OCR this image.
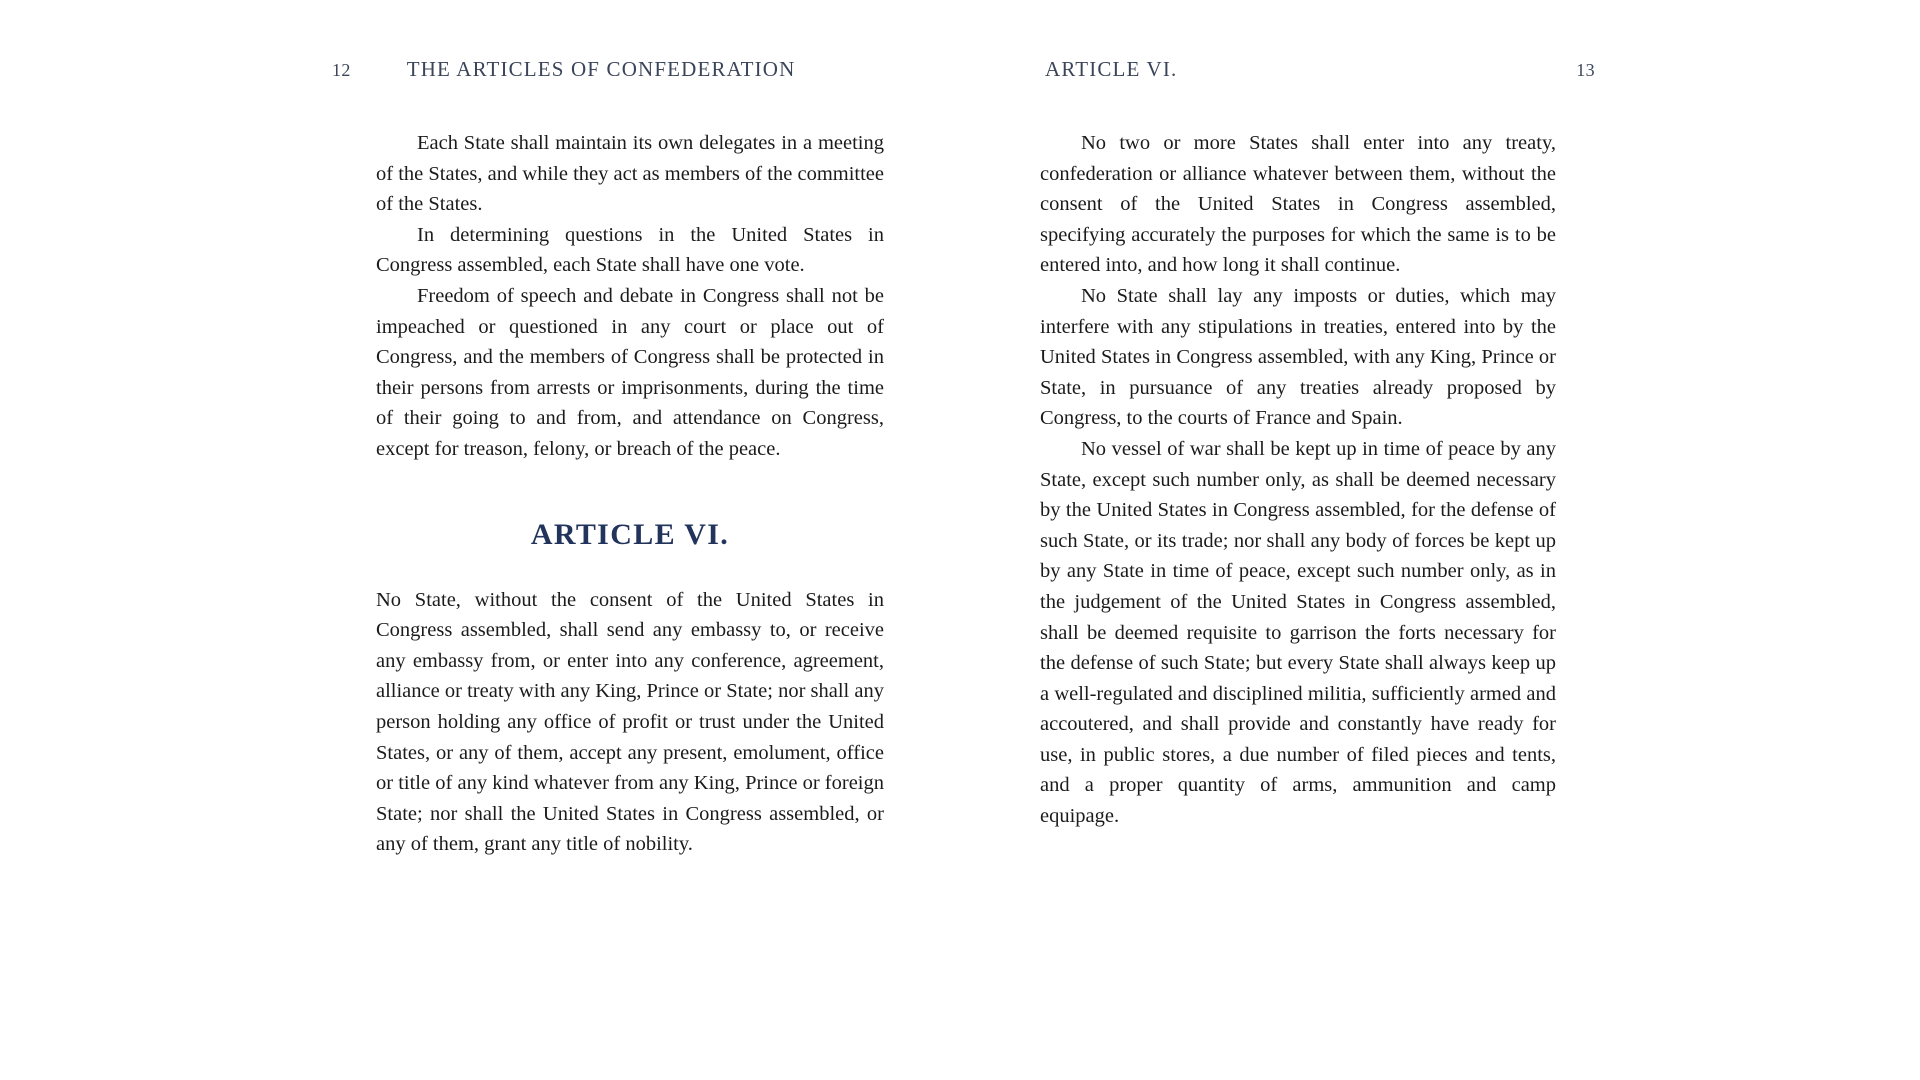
12	THE ARTICLES OF CONFEDERATION	ARTICLE VI.	13

Each State shall maintain its own delegates in a meeting of the States, and while they act as members of the committee of the States.

In determining questions in the United States in Congress assembled, each State shall have one vote.

Freedom of speech and debate in Congress shall not be impeached or questioned in any court or place out of Congress, and the members of Congress shall be protected in their persons from arrests or imprisonments, during the time of their going to and from, and attendance on Congress, except for treason, felony, or breach of the peace.

ARTICLE VI.

No State, without the consent of the United States in Congress assembled, shall send any embassy to, or receive any embassy from, or enter into any conference, agreement, alliance or treaty with any King, Prince or State; nor shall any person holding any office of profit or trust under the United States, or any of them, accept any present, emolument, office or title of any kind whatever from any King, Prince or foreign State; nor shall the United States in Congress assembled, or any of them, grant any title of nobility.

No two or more States shall enter into any treaty, confederation or alliance whatever between them, without the consent of the United States in Congress assembled, specifying accurately the purposes for which the same is to be entered into, and how long it shall continue.

No State shall lay any imposts or duties, which may interfere with any stipulations in treaties, entered into by the United States in Congress assembled, with any King, Prince or State, in pursuance of any treaties already proposed by Congress, to the courts of France and Spain.

No vessel of war shall be kept up in time of peace by any State, except such number only, as shall be deemed necessary by the United States in Congress assembled, for the defense of such State, or its trade; nor shall any body of forces be kept up by any State in time of peace, except such number only, as in the judgement of the United States in Congress assembled, shall be deemed requisite to garrison the forts necessary for the defense of such State; but every State shall always keep up a well-regulated and disciplined militia, sufficiently armed and accoutered, and shall provide and constantly have ready for use, in public stores, a due number of filed pieces and tents, and a proper quantity of arms, ammunition and camp equipage.
